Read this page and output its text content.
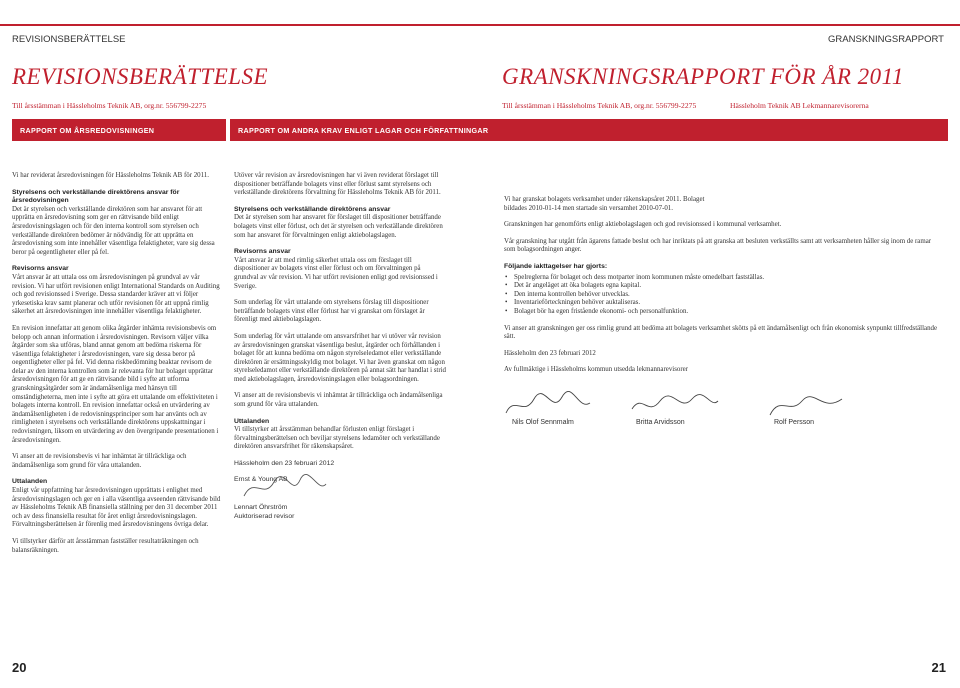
REVISIONSBERÄTTELSE	GRANSKNINGSRAPPORT
REVISIONSBERÄTTELSE	GRANSKNINGSRAPPORT FÖR ÅR 2011
Till årsstämman i Hässleholms Teknik AB, org.nr. 556799-2275	Till årsstämman i Hässleholms Teknik AB, org.nr. 556799-2275	Hässleholm Teknik AB Lekmannarevisorerna
RAPPORT OM ÅRSREDOVISNINGEN	RAPPORT OM ANDRA KRAV ENLIGT LAGAR OCH FÖRFATTNINGAR

Vi har reviderat årsredovisningen för Hässleholms Teknik AB för 2011.

Styrelsens och verkställande direktörens ansvar för årsredovisningen

Det är styrelsen och verkställande direktören som har ansvaret för att upprätta en årsredovisning som ger en rättvisande bild enligt årsredovisningslagen och för den interna kontroll som styrelsen och verkställande direktören bedömer är nödvändig för att upprätta en årsredovisning som inte innehåller väsentliga felaktigheter, vare sig dessa beror på oegentligheter eller på fel.

Revisorns ansvar

Vårt ansvar är att uttala oss om årsredovisningen på grundval av vår revision. Vi har utfört revisionen enligt International Standards on Auditing och god revisionssed i Sverige. Dessa standarder kräver att vi följer yrkesetiska krav samt planerar och utför revisionen för att uppnå rimlig säkerhet att årsredovisningen inte innehåller väsentliga felaktigheter.

En revision innefattar att genom olika åtgärder inhämta revisionsbevis om belopp och annan information i årsredovisningen. Revisorn väljer vilka åtgärder som ska utföras, bland annat genom att bedöma riskerna för väsentliga felaktigheter i årsredovisningen, vare sig dessa beror på oegentligheter eller på fel. Vid denna riskbedömning beaktar revisorn de delar av den interna kontrollen som är relevanta för hur bolaget upprättar årsredovisningen för att ge en rättvisande bild i syfte att utforma granskningsåtgärder som är ändamålsenliga med hänsyn till omständigheterna, men inte i syfte att göra ett uttalande om effektiviteten i bolagets interna kontroll. En revision innefattar också en utvärdering av ändamålsenligheten i de redovisningsprinciper som har använts och av rimligheten i styrelsens och verkställande direktörens uppskattningar i redovisningen, liksom en utvärdering av den övergripande presentationen i årsredovisningen.

Vi anser att de revisionsbevis vi har inhämtat är tillräckliga och ändamålsenliga som grund för våra uttalanden.

Uttalanden

Enligt vår uppfattning har årsredovisningen upprättats i enlighet med årsredovisningslagen och ger en i alla väsentliga avseenden rättvisande bild av Hässleholms Teknik AB finansiella ställning per den 31 december 2011 och av dess finansiella resultat för året enligt årsredovisningslagen. Förvaltningsberättelsen är förenlig med årsredovisningens övriga delar.

Vi tillstyrker därför att årsstämman fastställer resultaträkningen och balansräkningen.

Utöver vår revision av årsredovisningen har vi även reviderat förslaget till dispositioner beträffande bolagets vinst eller förlust samt styrelsens och verkställande direktörens förvaltning för Hässleholms Teknik AB för 2011.

Styrelsens och verkställande direktörens ansvar

Det är styrelsen som har ansvaret för förslaget till dispositioner beträffande bolagets vinst eller förlust, och det är styrelsen och verkställande direktören som har ansvaret för förvaltningen enligt aktiebolagslagen.

Revisorns ansvar

Vårt ansvar är att med rimlig säkerhet uttala oss om förslaget till dispositioner av bolagets vinst eller förlust och om förvaltningen på grundval av vår revision. Vi har utfört revisionen enligt god revisionssed i Sverige.

Som underlag för vårt uttalande om styrelsens förslag till dispositioner beträffande bolagets vinst eller förlust har vi granskat om förslaget är förenligt med aktiebolagslagen.

Som underlag för vårt uttalande om ansvarsfrihet har vi utöver vår revision av årsredovisningen granskat väsentliga beslut, åtgärder och förhållanden i bolaget för att kunna bedöma om någon styrelseledamot eller verkställande direktören är ersättningsskyldig mot bolaget. Vi har även granskat om någon styrelseledamot eller verkställande direktören på annat sätt har handlat i strid med aktiebolagslagen, årsredovisningslagen eller bolagsordningen.

Vi anser att de revisionsbevis vi inhämtat är tillräckliga och ändamålsenliga som grund för våra uttalanden.

Uttalanden

Vi tillstyrker att årsstämman behandlar förlusten enligt förslaget i förvaltningsberättelsen och beviljar styrelsens ledamöter och verkställande direktören ansvarsfrihet för räkenskapsåret.

Hässleholm den 23 februari 2012
Ernst & Young AB
Lennart Öhrström
Auktoriserad revisor

Vi har granskat bolagets verksamhet under räkenskapsåret 2011. Bolaget bildades 2010-01-14 men startade sin versamhet 2010-07-01.

Granskningen har genomförts enligt aktiebolagslagen och god revisionssed i kommunal verksamhet.

Vår granskning har utgått från ägarens fattade beslut och har inriktats på att granska att besluten verkställts samt att verksamheten håller sig inom de ramar som bolagsordningen anger.

Följande iakttagelser har gjorts:
• Spelreglerna för bolaget och dess motparter inom kommunen måste omedelbart fastställas.
• Det är angeläget att öka bolagets egna kapital.
• Den interna kontrollen behöver utvecklas.
• Inventarieförteckningen behöver auktaliseras.
• Bolaget bör ha egen fristående ekonomi- och personalfunktion.

Vi anser att granskningen ger oss rimlig grund att bedöma att bolagets verksamhet skötts på ett ändamålsenligt och från ekonomisk synpunkt tillfredställande sätt.

Hässleholm den 23 februari 2012

Av fullmäktige i Hässleholms kommun utsedda lekmannarevisorer

Nils Olof Sennmalm	Britta Arvidsson	Rolf Persson
20	21
